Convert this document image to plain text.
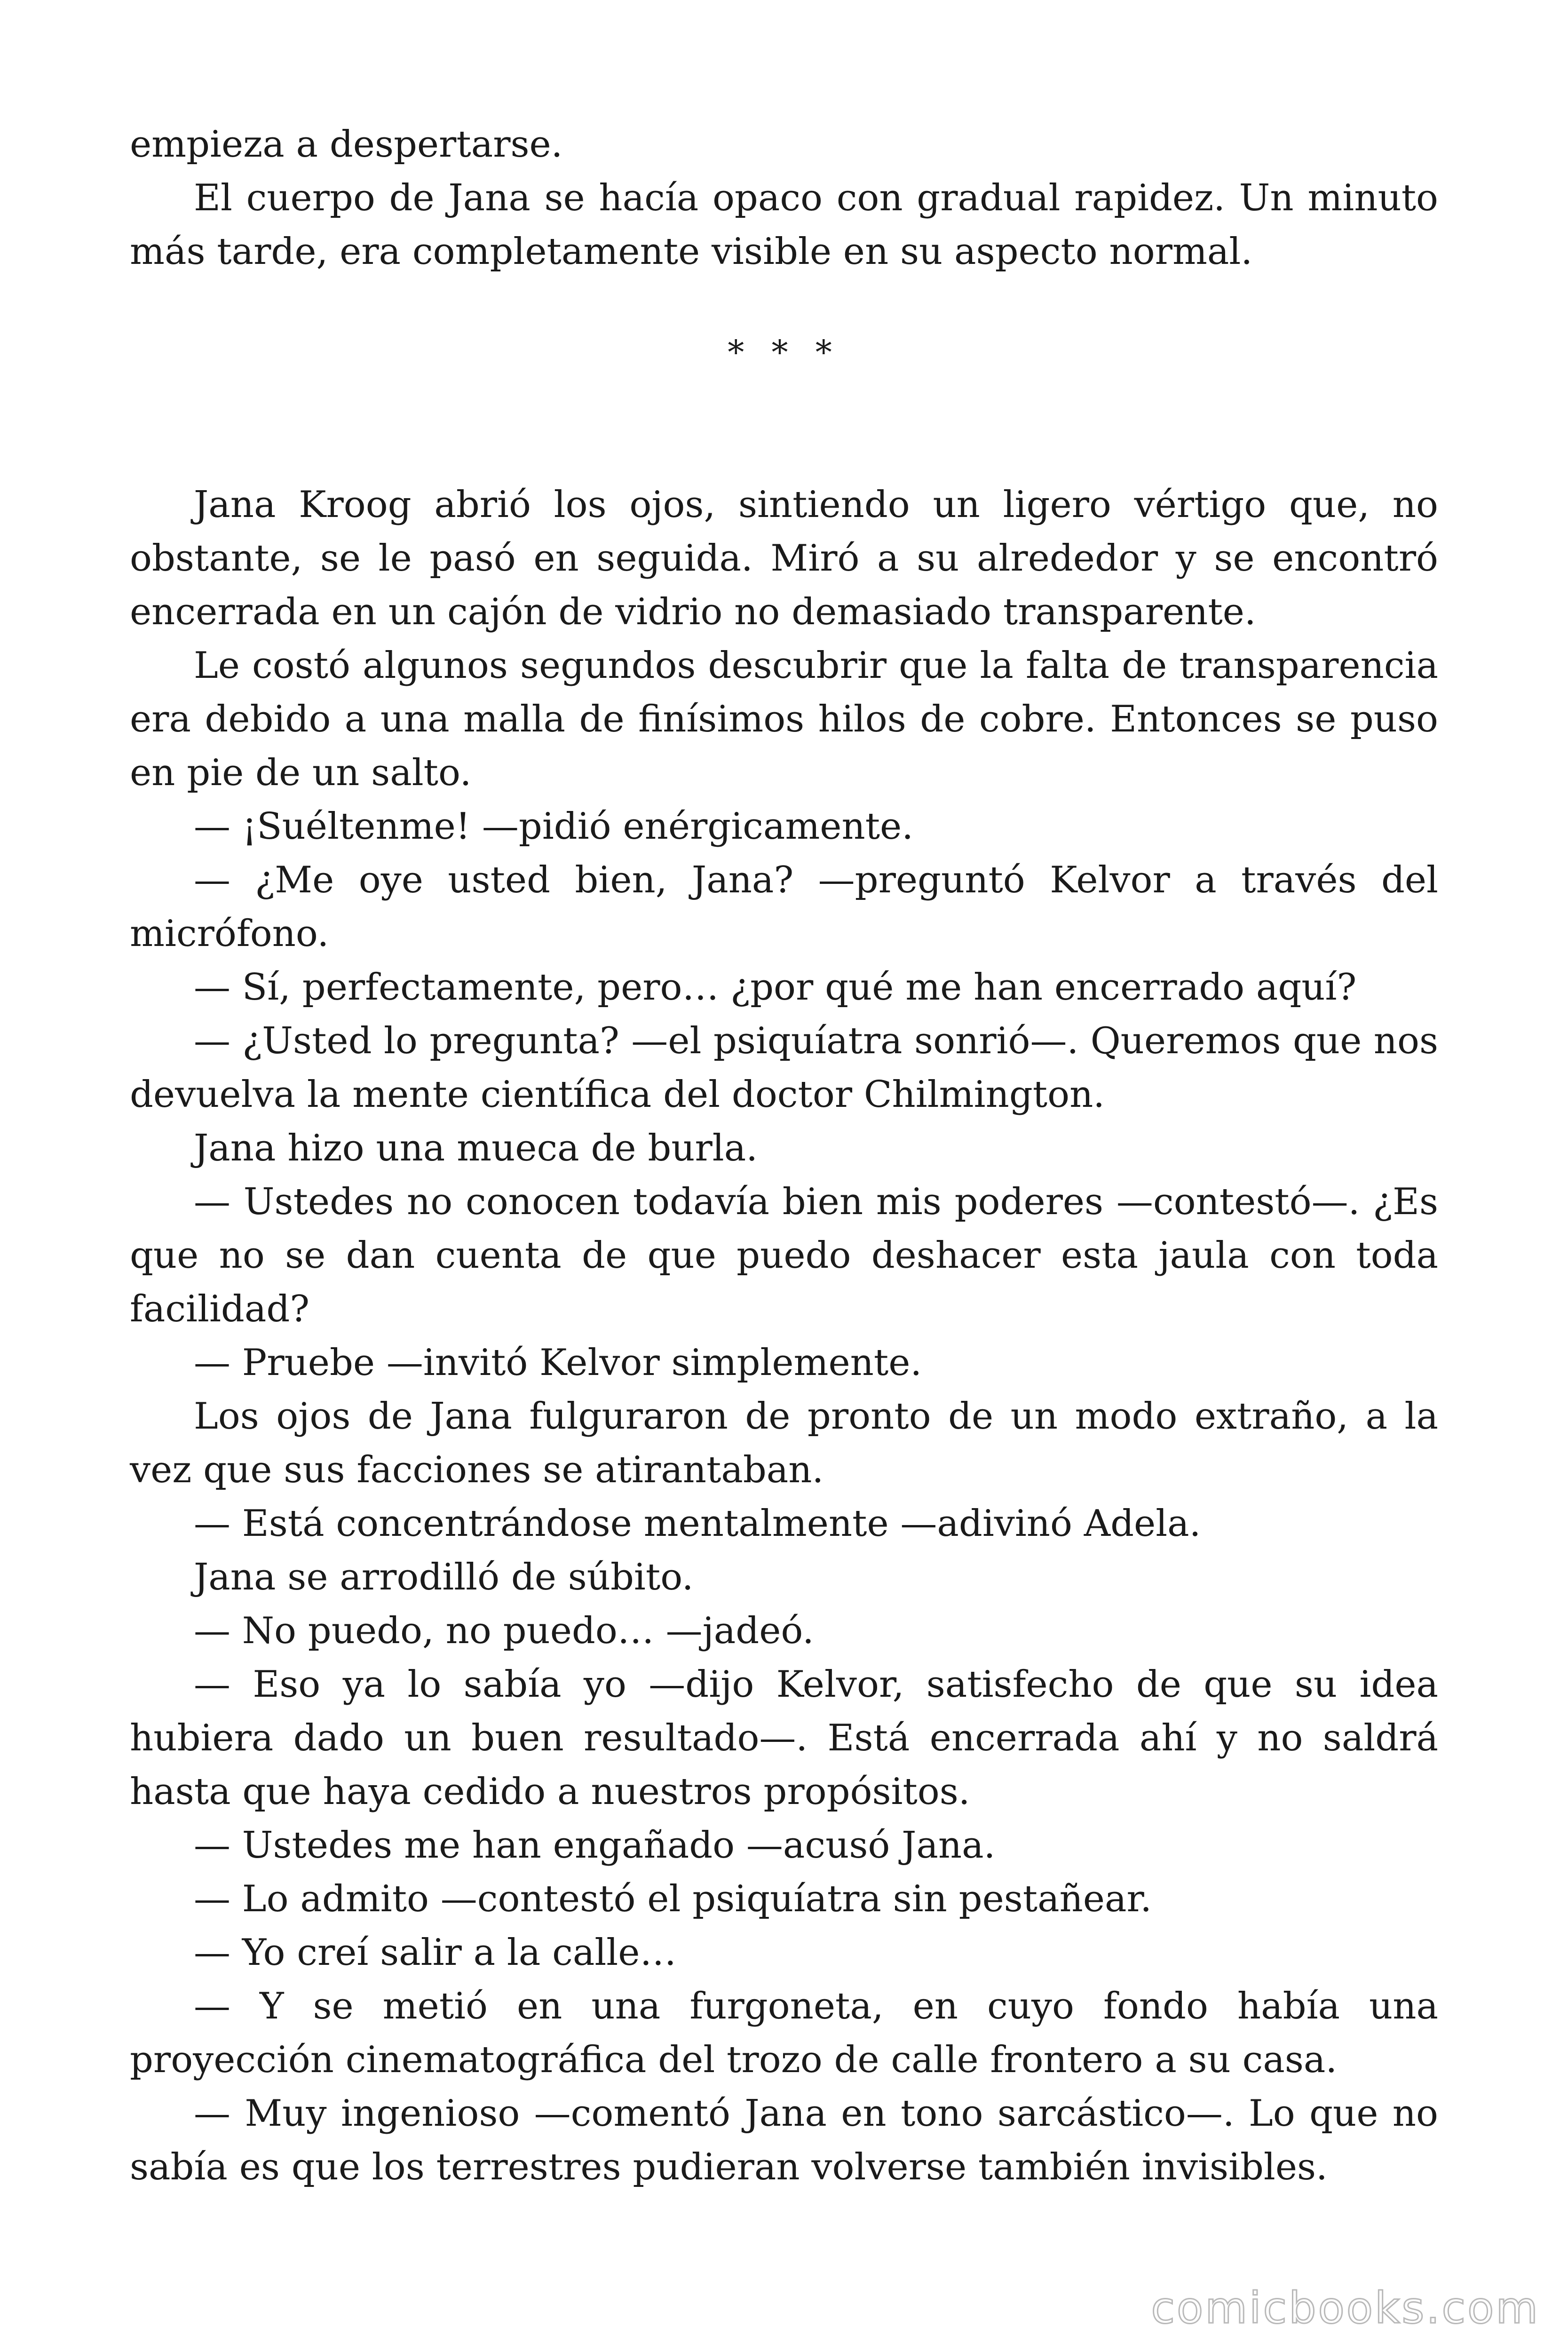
empieza a despertarse.

El cuerpo de Jana se hacía opaco con gradual rapidez. Un minuto más tarde, era completamente visible en su aspecto normal.

* * *

Jana Kroog abrió los ojos, sintiendo un ligero vértigo que, no obstante, se le pasó en seguida. Miró a su alrededor y se encontró encerrada en un cajón de vidrio no demasiado transparente.

Le costó algunos segundos descubrir que la falta de transparencia era debido a una malla de finísimos hilos de cobre. Entonces se puso en pie de un salto.

— ¡Suéltenme! —pidió enérgicamente.

— ¿Me oye usted bien, Jana? —preguntó Kelvor a través del micrófono.

— Sí, perfectamente, pero… ¿por qué me han encerrado aquí?

— ¿Usted lo pregunta? —el psiquíatra sonrió—. Queremos que nos devuelva la mente científica del doctor Chilmington.

Jana hizo una mueca de burla.

— Ustedes no conocen todavía bien mis poderes —contestó—. ¿Es que no se dan cuenta de que puedo deshacer esta jaula con toda facilidad?

— Pruebe —invitó Kelvor simplemente.

Los ojos de Jana fulguraron de pronto de un modo extraño, a la vez que sus facciones se atirantaban.

— Está concentrándose mentalmente —adivinó Adela.

Jana se arrodilló de súbito.

— No puedo, no puedo… —jadeó.

— Eso ya lo sabía yo —dijo Kelvor, satisfecho de que su idea hubiera dado un buen resultado—. Está encerrada ahí y no saldrá hasta que haya cedido a nuestros propósitos.

— Ustedes me han engañado —acusó Jana.

— Lo admito —contestó el psiquíatra sin pestañear.

— Yo creí salir a la calle…

— Y se metió en una furgoneta, en cuyo fondo había una proyección cinematográfica del trozo de calle frontero a su casa.

— Muy ingenioso —comentó Jana en tono sarcástico—. Lo que no sabía es que los terrestres pudieran volverse también invisibles.

comicbooks.com
